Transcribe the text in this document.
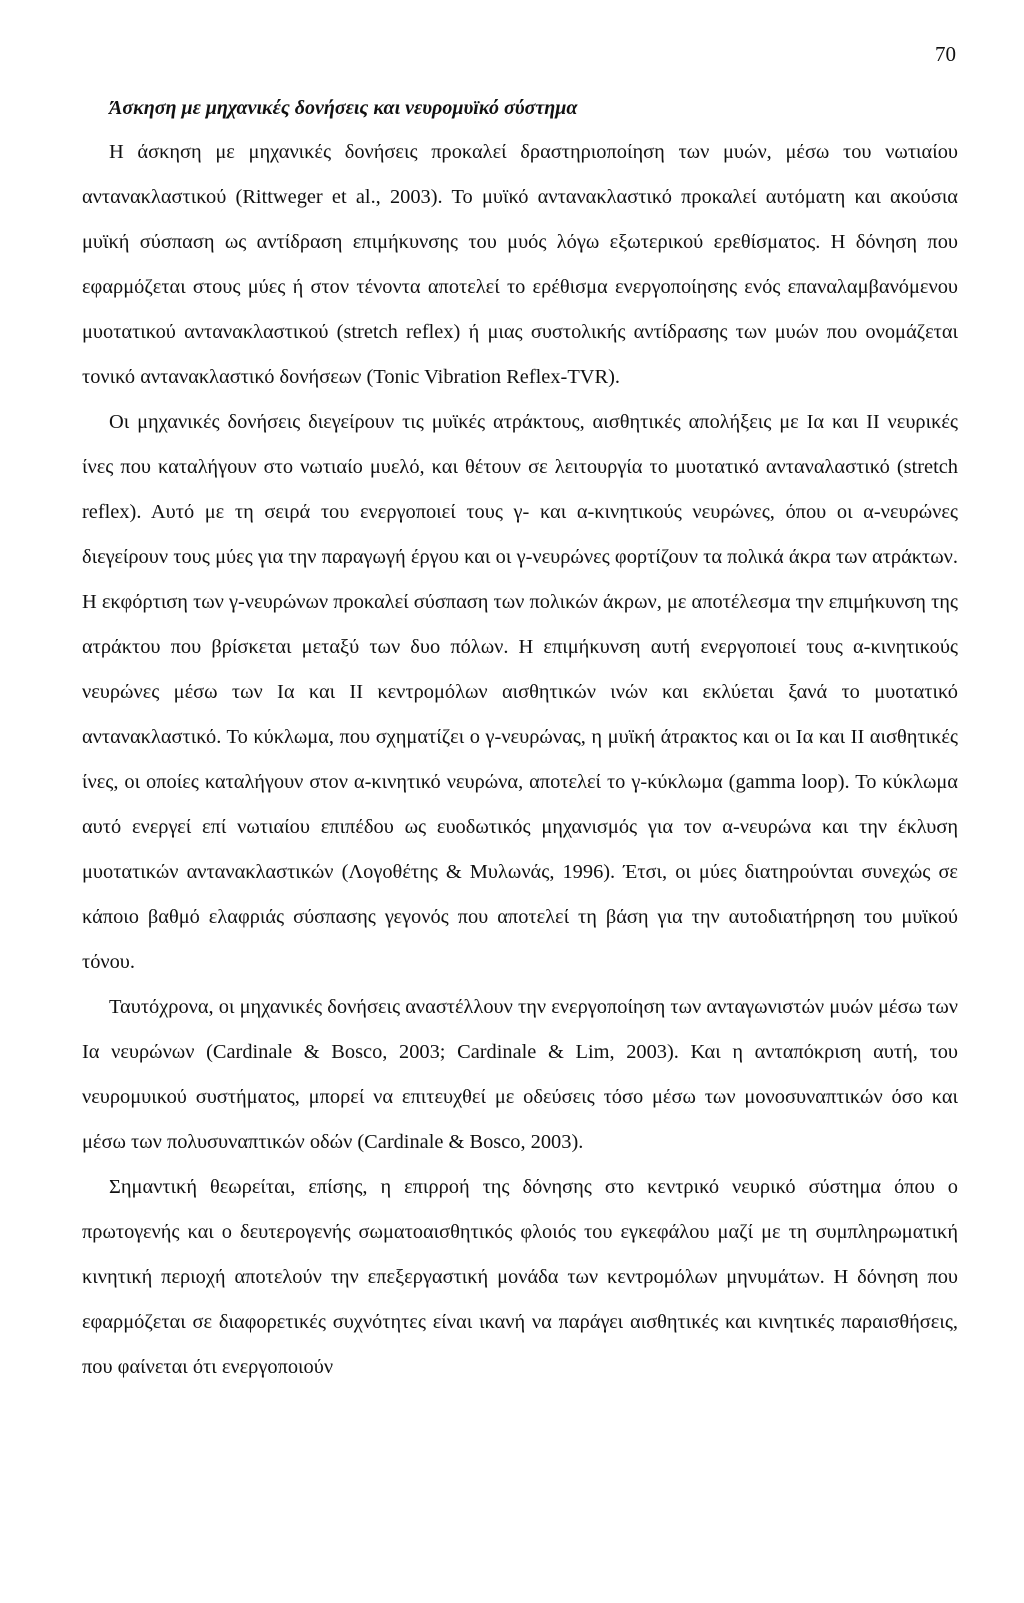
70
Άσκηση με μηχανικές δονήσεις και νευρομυϊκό σύστημα

Η άσκηση με μηχανικές δονήσεις προκαλεί δραστηριοποίηση των μυών, μέσω του νωτιαίου αντανακλαστικού (Rittweger et al., 2003). Το μυϊκό αντανακλαστικό προκαλεί αυτόματη και ακούσια μυϊκή σύσπαση ως αντίδραση επιμήκυνσης του μυός λόγω εξωτερικού ερεθίσματος. Η δόνηση που εφαρμόζεται στους μύες ή στον τένοντα αποτελεί το ερέθισμα ενεργοποίησης ενός επαναλαμβανόμενου μυοτατικού αντανακλαστικού (stretch reflex) ή μιας συστολικής αντίδρασης των μυών που ονομάζεται τονικό αντανακλαστικό δονήσεων (Tonic Vibration Reflex-TVR).

Οι μηχανικές δονήσεις διεγείρουν τις μυϊκές ατράκτους, αισθητικές απολήξεις με Ια και ΙΙ νευρικές ίνες που καταλήγουν στο νωτιαίο μυελό, και θέτουν σε λειτουργία το μυοτατικό ανταναλαστικό (stretch reflex). Αυτό με τη σειρά του ενεργοποιεί τους γ- και α-κινητικούς νευρώνες, όπου οι α-νευρώνες διεγείρουν τους μύες για την παραγωγή έργου και οι γ-νευρώνες φορτίζουν τα πολικά άκρα των ατράκτων. Η εκφόρτιση των γ-νευρώνων προκαλεί σύσπαση των πολικών άκρων, με αποτέλεσμα την επιμήκυνση της ατράκτου που βρίσκεται μεταξύ των δυο πόλων. Η επιμήκυνση αυτή ενεργοποιεί τους α-κινητικούς νευρώνες μέσω των Ια και ΙΙ κεντρομόλων αισθητικών ινών και εκλύεται ξανά το μυοτατικό αντανακλαστικό. Το κύκλωμα, που σχηματίζει ο γ-νευρώνας, η μυϊκή άτρακτος και οι Ια και ΙΙ αισθητικές ίνες, οι οποίες καταλήγουν στον α-κινητικό νευρώνα, αποτελεί το γ-κύκλωμα (gamma loop). Το κύκλωμα αυτό ενεργεί επί νωτιαίου επιπέδου ως ευοδωτικός μηχανισμός για τον α-νευρώνα και την έκλυση μυοτατικών αντανακλαστικών (Λογοθέτης & Μυλωνάς, 1996). Έτσι, οι μύες διατηρούνται συνεχώς σε κάποιο βαθμό ελαφριάς σύσπασης γεγονός που αποτελεί τη βάση για την αυτοδιατήρηση του μυϊκού τόνου.

Ταυτόχρονα, οι μηχανικές δονήσεις αναστέλλουν την ενεργοποίηση των ανταγωνιστών μυών μέσω των Ια νευρώνων (Cardinale & Bosco, 2003; Cardinale & Lim, 2003). Και η ανταπόκριση αυτή, του νευρομυικού συστήματος, μπορεί να επιτευχθεί με οδεύσεις τόσο μέσω των μονοσυναπτικών όσο και μέσω των πολυσυναπτικών οδών (Cardinale & Bosco, 2003).

Σημαντική θεωρείται, επίσης, η επιρροή της δόνησης στο κεντρικό νευρικό σύστημα όπου ο πρωτογενής και ο δευτερογενής σωματοαισθητικός φλοιός του εγκεφάλου μαζί με τη συμπληρωματική κινητική περιοχή αποτελούν την επεξεργαστική μονάδα των κεντρομόλων μηνυμάτων. Η δόνηση που εφαρμόζεται σε διαφορετικές συχνότητες είναι ικανή να παράγει αισθητικές και κινητικές παραισθήσεις, που φαίνεται ότι ενεργοποιούν
